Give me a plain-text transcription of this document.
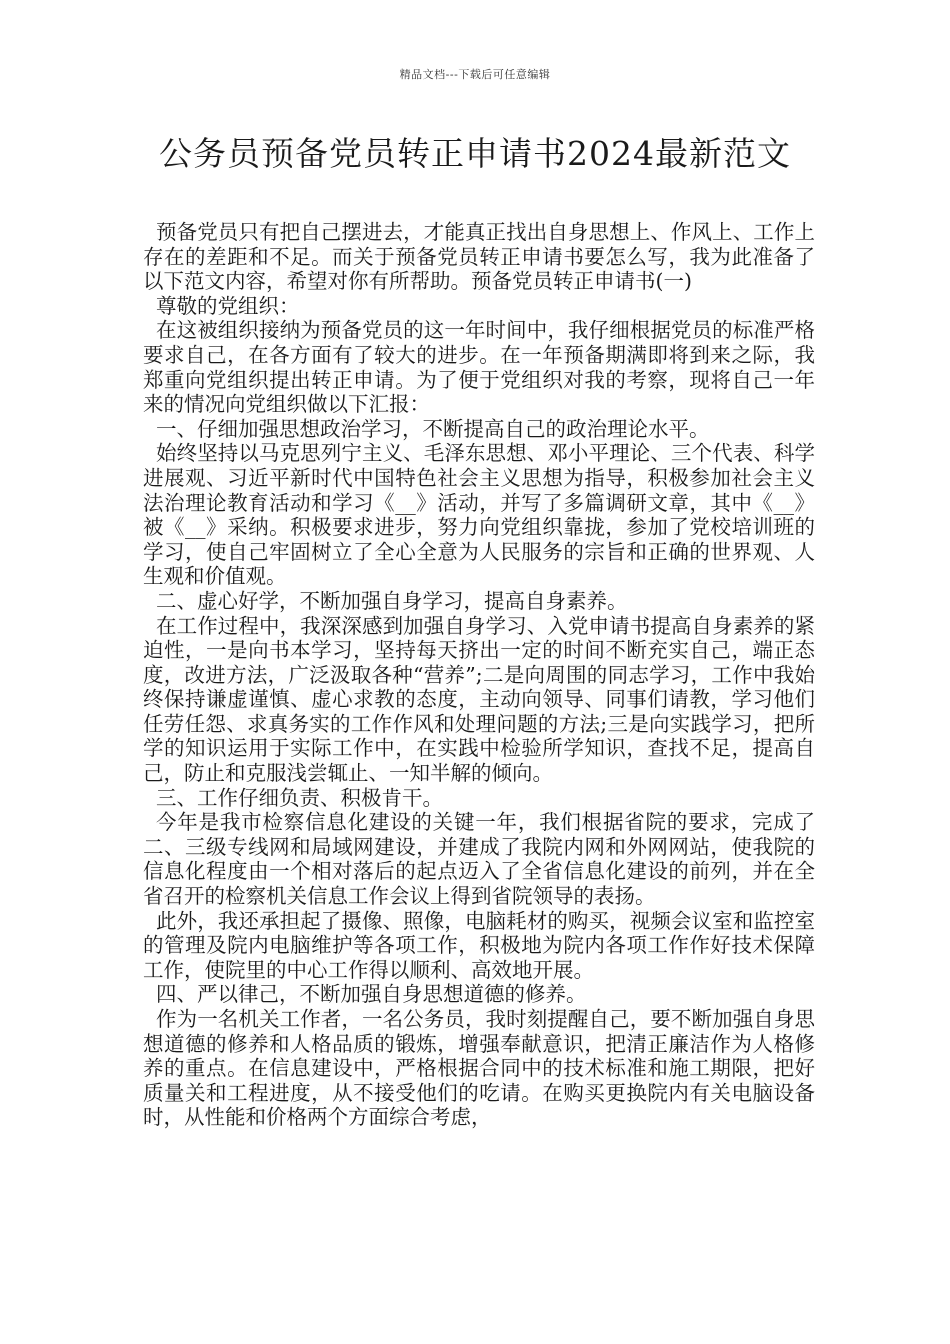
精品文档---下载后可任意编辑
公务员预备党员转正申请书2024最新范文

预备党员只有把自己摆进去，才能真正找出自身思想上、作风上、工作上存在的差距和不足。而关于预备党员转正申请书要怎么写，我为此准备了以下范文内容，希望对你有所帮助。预备党员转正申请书(一)

尊敬的党组织：

在这被组织接纳为预备党员的这一年时间中，我仔细根据党员的标准严格要求自己，在各方面有了较大的进步。在一年预备期满即将到来之际，我郑重向党组织提出转正申请。为了便于党组织对我的考察，现将自己一年来的情况向党组织做以下汇报：

一、仔细加强思想政治学习，不断提高自己的政治理论水平。

始终坚持以马克思列宁主义、毛泽东思想、邓小平理论、三个代表、科学进展观、习近平新时代中国特色社会主义思想为指导，积极参加社会主义法治理论教育活动和学习《__》活动，并写了多篇调研文章，其中《__》被《__》采纳。积极要求进步，努力向党组织靠拢，参加了党校培训班的学习，使自己牢固树立了全心全意为人民服务的宗旨和正确的世界观、人生观和价值观。

二、虚心好学，不断加强自身学习，提高自身素养。

在工作过程中，我深深感到加强自身学习、入党申请书提高自身素养的紧迫性，一是向书本学习，坚持每天挤出一定的时间不断充实自己，端正态度，改进方法，广泛汲取各种“营养”;二是向周围的同志学习，工作中我始终保持谦虚谨慎、虚心求教的态度，主动向领导、同事们请教，学习他们任劳任怨、求真务实的工作作风和处理问题的方法;三是向实践学习，把所学的知识运用于实际工作中，在实践中检验所学知识，查找不足，提高自己，防止和克服浅尝辄止、一知半解的倾向。

三、工作仔细负责、积极肯干。

今年是我市检察信息化建设的关键一年，我们根据省院的要求，完成了二、三级专线网和局域网建设，并建成了我院内网和外网网站，使我院的信息化程度由一个相对落后的起点迈入了全省信息化建设的前列，并在全省召开的检察机关信息工作会议上得到省院领导的表扬。

此外，我还承担起了摄像、照像，电脑耗材的购买，视频会议室和监控室的管理及院内电脑维护等各项工作，积极地为院内各项工作作好技术保障工作，使院里的中心工作得以顺利、高效地开展。

四、严以律己，不断加强自身思想道德的修养。

作为一名机关工作者，一名公务员，我时刻提醒自己，要不断加强自身思想道德的修养和人格品质的锻炼，增强奉献意识，把清正廉洁作为人格修养的重点。在信息建设中，严格根据合同中的技术标准和施工期限，把好质量关和工程进度，从不接受他们的吃请。在购买更换院内有关电脑设备时，从性能和价格两个方面综合考虑，
